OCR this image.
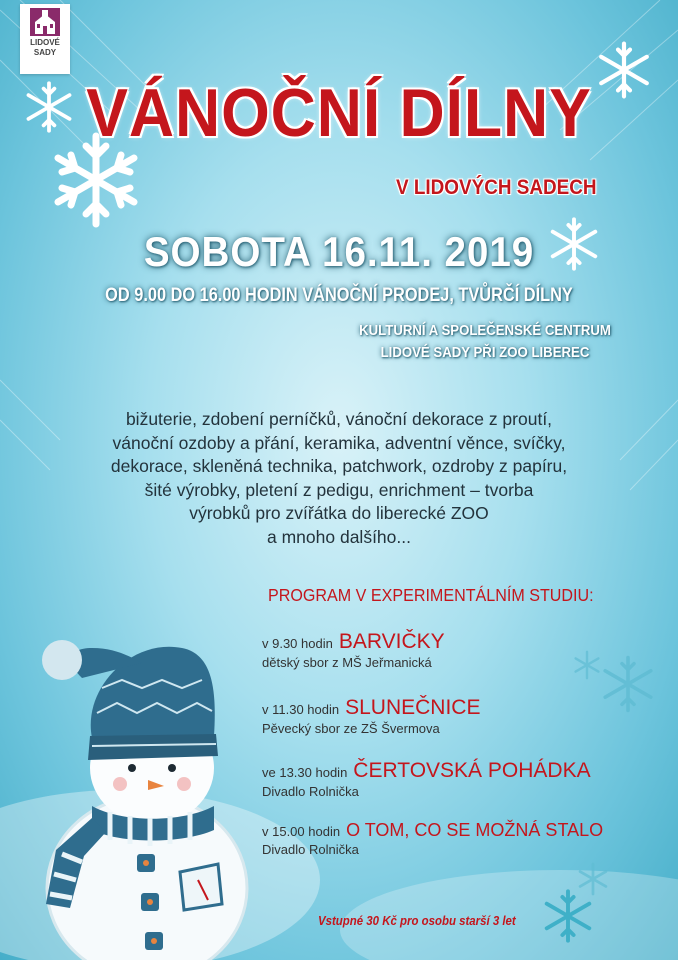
LIDOVÉ
SADY
VÁNOČNÍ DÍLNY
V LIDOVÝCH SADECH
SOBOTA 16.11. 2019
OD 9.00 DO 16.00 HODIN VÁNOČNÍ PRODEJ, TVŮRČÍ DÍLNY
KULTURNÍ A SPOLEČENSKÉ CENTRUM
LIDOVÉ SADY PŘI ZOO LIBEREC
bižuterie, zdobení perníčků, vánoční dekorace z proutí,
vánoční ozdoby a přání, keramika, adventní věnce, svíčky,
dekorace, skleněná technika, patchwork, ozdroby z papíru,
šité výrobky, pletení z pedigu, enrichment – tvorba
výrobků pro zvířátka do liberecké ZOO
a mnoho dalšího...
PROGRAM V EXPERIMENTÁLNÍM STUDIU:
v 9.30 hodin BARVIČKY
dětský sbor z MŠ Jeřmanická
v 11.30 hodin SLUNEČNICE
Pěvecký sbor ze ZŠ Švermova
ve 13.30 hodin ČERTOVSKÁ POHÁDKA
Divadlo Rolnička
v 15.00 hodin O TOM, CO SE MOŽNÁ STALO
Divadlo Rolnička
Vstupné 30 Kč pro osobu starší 3 let
